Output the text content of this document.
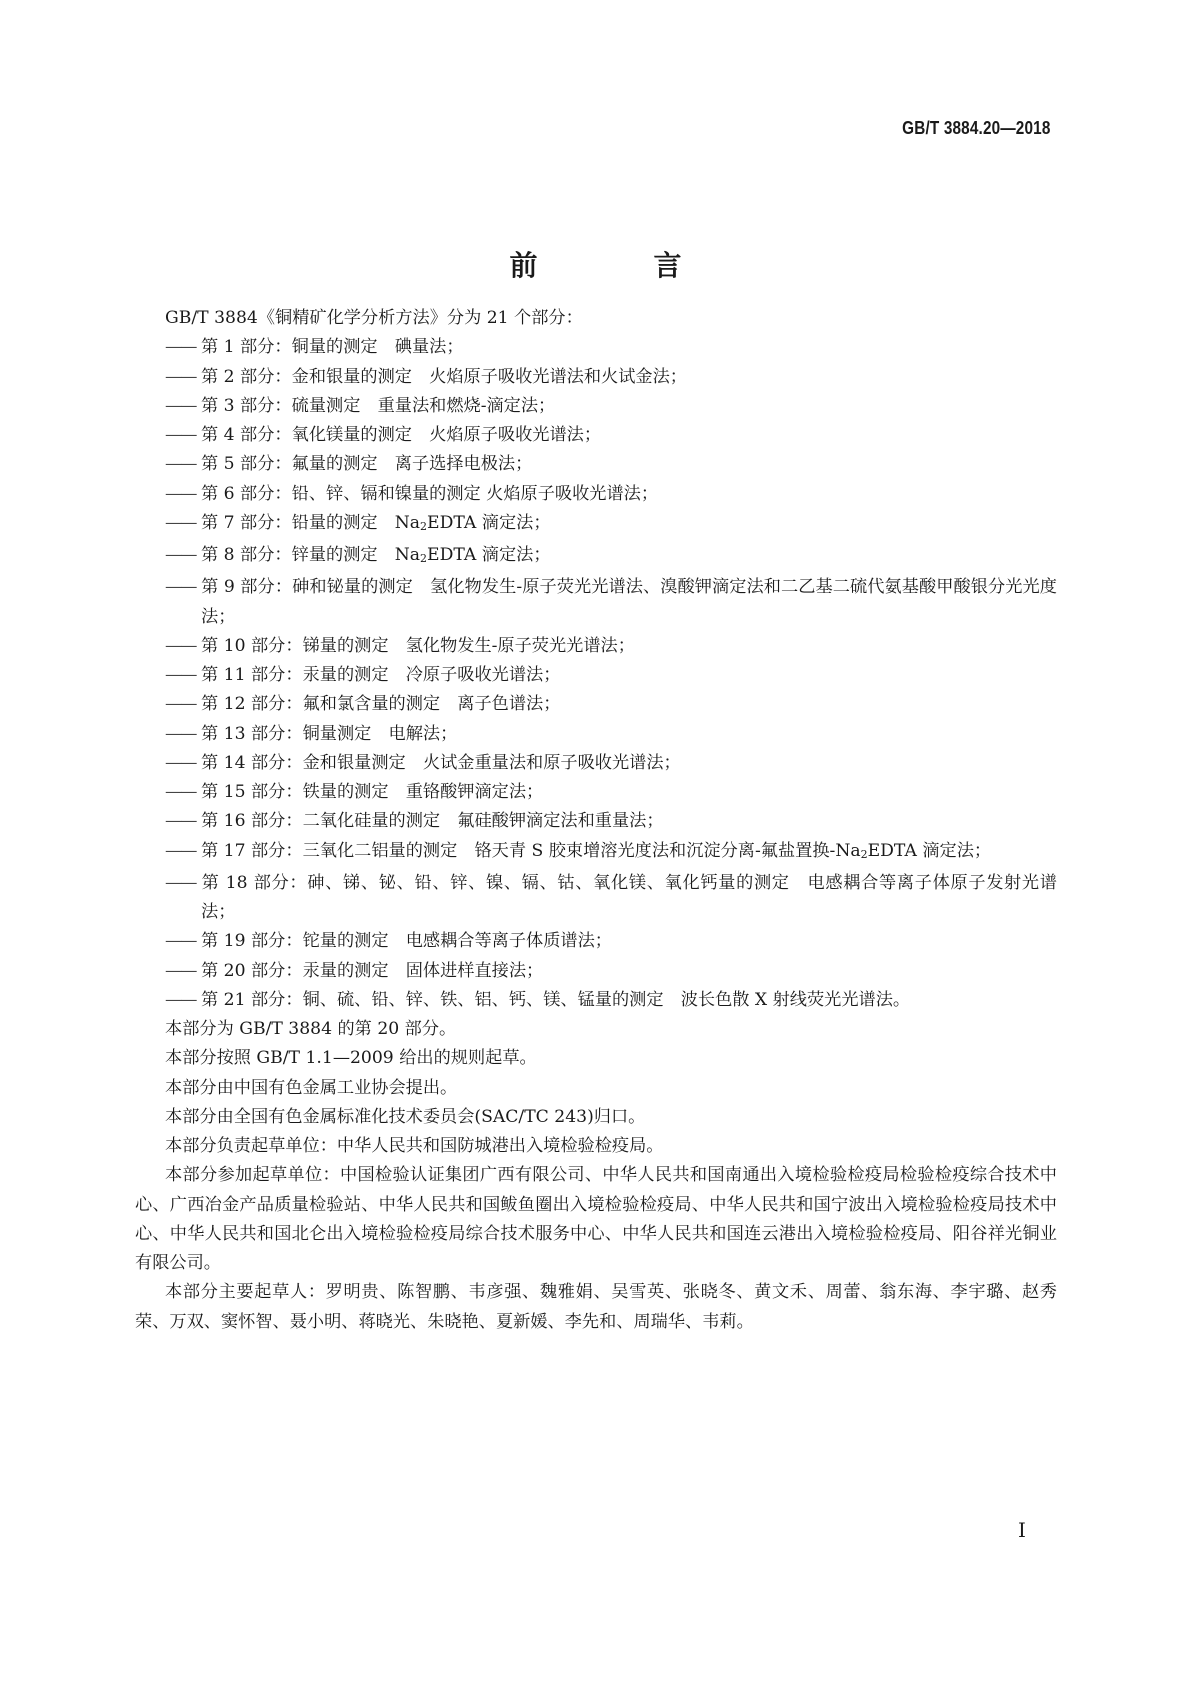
GB/T 3884.20—2018
前　言

GB/T 3884《铜精矿化学分析方法》分为 21 个部分：

—— 第 1 部分：铜量的测定　碘量法；
—— 第 2 部分：金和银量的测定　火焰原子吸收光谱法和火试金法；
—— 第 3 部分：硫量测定　重量法和燃烧-滴定法；
—— 第 4 部分：氧化镁量的测定　火焰原子吸收光谱法；
—— 第 5 部分：氟量的测定　离子选择电极法；
—— 第 6 部分：铅、锌、镉和镍量的测定 火焰原子吸收光谱法；
—— 第 7 部分：铅量的测定　Na2EDTA 滴定法；
—— 第 8 部分：锌量的测定　Na2EDTA 滴定法；
—— 第 9 部分：砷和铋量的测定　氢化物发生-原子荧光光谱法、溴酸钾滴定法和二乙基二硫代氨基酸甲酸银分光光度法；
—— 第 10 部分：锑量的测定　氢化物发生-原子荧光光谱法；
—— 第 11 部分：汞量的测定　冷原子吸收光谱法；
—— 第 12 部分：氟和氯含量的测定　离子色谱法；
—— 第 13 部分：铜量测定　电解法；
—— 第 14 部分：金和银量测定　火试金重量法和原子吸收光谱法；
—— 第 15 部分：铁量的测定　重铬酸钾滴定法；
—— 第 16 部分：二氧化硅量的测定　氟硅酸钾滴定法和重量法；
—— 第 17 部分：三氧化二铝量的测定　铬天青 S 胶束增溶光度法和沉淀分离-氟盐置换-Na2EDTA 滴定法；
—— 第 18 部分：砷、锑、铋、铅、锌、镍、镉、钴、氧化镁、氧化钙量的测定　电感耦合等离子体原子发射光谱法；
—— 第 19 部分：铊量的测定　电感耦合等离子体质谱法；
—— 第 20 部分：汞量的测定　固体进样直接法；
—— 第 21 部分：铜、硫、铅、锌、铁、铝、钙、镁、锰量的测定　波长色散 X 射线荧光光谱法。

本部分为 GB/T 3884 的第 20 部分。

本部分按照 GB/T 1.1—2009 给出的规则起草。

本部分由中国有色金属工业协会提出。

本部分由全国有色金属标准化技术委员会(SAC/TC 243)归口。

本部分负责起草单位：中华人民共和国防城港出入境检验检疫局。

本部分参加起草单位：中国检验认证集团广西有限公司、中华人民共和国南通出入境检验检疫局检验检疫综合技术中心、广西冶金产品质量检验站、中华人民共和国鲅鱼圈出入境检验检疫局、中华人民共和国宁波出入境检验检疫局技术中心、中华人民共和国北仑出入境检验检疫局综合技术服务中心、中华人民共和国连云港出入境检验检疫局、阳谷祥光铜业有限公司。

本部分主要起草人：罗明贵、陈智鹏、韦彦强、魏雅娟、吴雪英、张晓冬、黄文禾、周蕾、翁东海、李宇璐、赵秀荣、万双、窦怀智、聂小明、蒋晓光、朱晓艳、夏新媛、李先和、周瑞华、韦莉。

I
